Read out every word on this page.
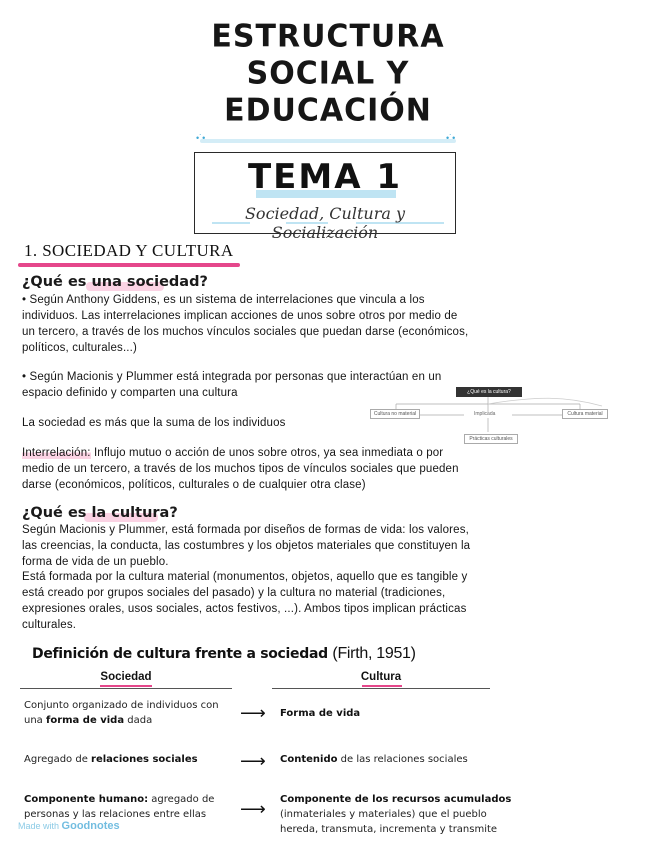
ESTRUCTURA
SOCIAL Y
EDUCACIÓN
•˙•	•˙•
TEMA 1
Sociedad, Cultura y Socialización
1. SOCIEDAD Y CULTURA
¿Qué es una sociedad?
• Según Anthony Giddens, es un sistema de interrelaciones que vincula a los individuos. Las interrelaciones implican acciones de unos sobre otros por medio de un tercero, a través de los muchos vínculos sociales que puedan darse (económicos, políticos, culturales...)
• Según Macionis y Plummer está integrada por personas que interactúan en un espacio definido y comparten una cultura
La sociedad es más que la suma de los individuos
Interrelación: Influjo mutuo o acción de unos sobre otros, ya sea inmediata o por medio de un tercero, a través de los muchos tipos de vínculos sociales que pueden darse (económicos, políticos, culturales o de cualquier otra clase)
¿Qué es la cultura?
Cultura no material	Implicada	Cultura material
Prácticas culturales
¿Qué es la cultura?
Según Macionis y Plummer, está formada por diseños de formas de vida: los valores, las creencias, la conducta, las costumbres y los objetos materiales que constituyen la forma de vida de un pueblo.
Está formada por la cultura material (monumentos, objetos, aquello que es tangible y está creado por grupos sociales del pasado) y la cultura no material (tradiciones, expresiones orales, usos sociales, actos festivos, ...). Ambos tipos implican prácticas culturales.
Definición de cultura frente a sociedad (Firth, 1951)
Sociedad	Cultura
Conjunto organizado de individuos con
una forma de vida dada	⟶ Forma de vida
Agregado de relaciones sociales ⟶ Contenido de las relaciones sociales
Componente humano: agregado de
personas y las relaciones entre ellas	⟶ Componente de los recursos acumulados
(inmateriales y materiales) que el pueblo
hereda, transmuta, incrementa y transmite
Made with Goodnotes
